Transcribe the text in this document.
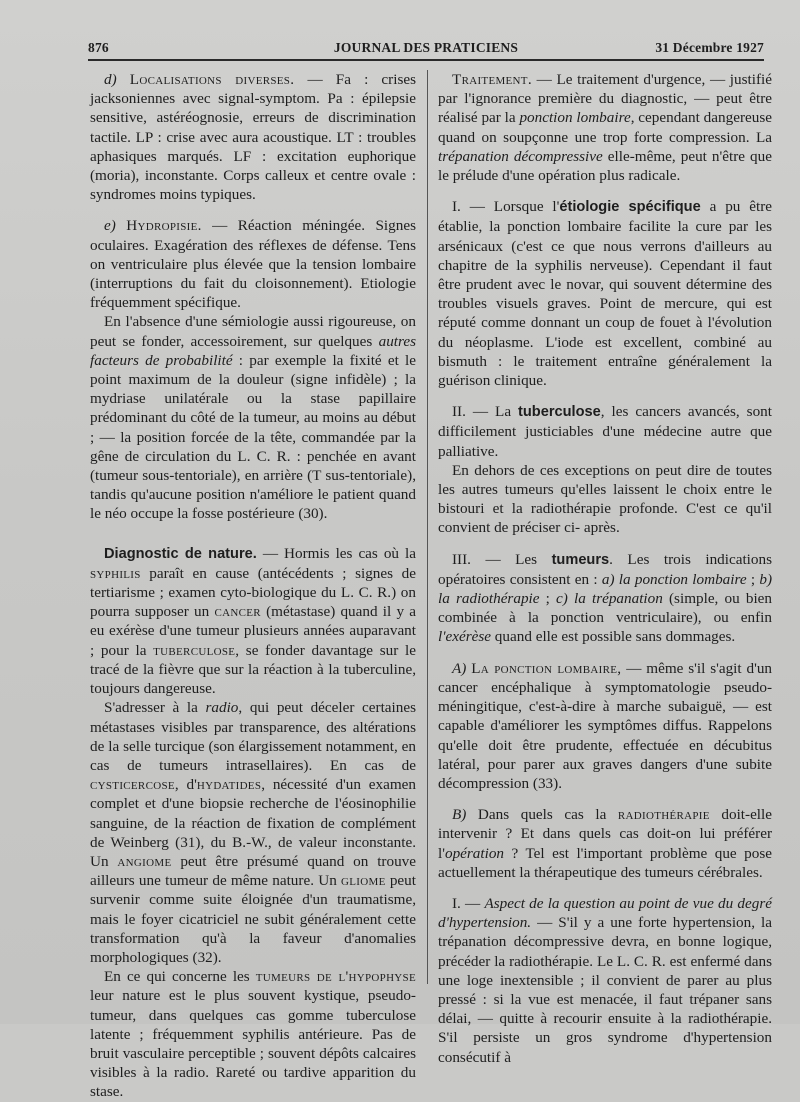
876	JOURNAL DES PRATICIENS	31 Décembre 1927

d) Localisations diverses. — Fa : crises jacksoniennes avec signal-symptom. Pa : épilepsie sensitive, astéréognosie, erreurs de discrimination tactile. LP : crise avec aura acoustique. LT : troubles aphasiques marqués. LF : excitation euphorique (moria), inconstante. Corps calleux et centre ovale : syndromes moins typiques.

e) Hydropisie. — Réaction méningée. Signes oculaires. Exagération des réflexes de défense. Tens on ventriculaire plus élevée que la tension lombaire (interruptions du fait du cloisonnement). Etiologie fréquemment spécifique.

En l'absence d'une sémiologie aussi rigoureuse, on peut se fonder, accessoirement, sur quelques autres facteurs de probabilité : par exemple la fixité et le point maximum de la douleur (signe infidèle) ; la mydriase unilatérale ou la stase papillaire prédominant du côté de la tumeur, au moins au début ; — la position forcée de la tête, commandée par la gêne de circulation du L. C. R. : penchée en avant (tumeur sous-tentoriale), en arrière (T sus-tentoriale), tandis qu'aucune position n'améliore le patient quand le néo occupe la fosse postérieure (30).

Diagnostic de nature. — Hormis les cas où la syphilis paraît en cause (antécédents ; signes de tertiarisme ; examen cyto-biologique du L. C. R.) on pourra supposer un cancer (métastase) quand il y a eu exérèse d'une tumeur plusieurs années auparavant ; pour la tuberculose, se fonder davantage sur le tracé de la fièvre que sur la réaction à la tuberculine, toujours dangereuse.

S'adresser à la radio, qui peut déceler certaines métastases visibles par transparence, des altérations de la selle turcique (son élargissement notamment, en cas de tumeurs intrasellaires). En cas de cysticercose, d'hydatides, nécessité d'un examen complet et d'une biopsie recherche de l'éosinophilie sanguine, de la réaction de fixation de complément de Weinberg (31), du B.-W., de valeur inconstante. Un angiome peut être présumé quand on trouve ailleurs une tumeur de même nature. Un gliome peut survenir comme suite éloignée d'un traumatisme, mais le foyer cicatriciel ne subit généralement cette transformation qu'à la faveur d'anomalies morphologiques (32).

En ce qui concerne les tumeurs de l'hypophyse leur nature est le plus souvent kystique, pseudo-tumeur, dans quelques cas gomme tuberculose latente ; fréquemment syphilis antérieure. Pas de bruit vasculaire perceptible ; souvent dépôts calcaires visibles à la radio. Rareté ou tardive apparition du stase.

Traitement. — Le traitement d'urgence, — justifié par l'ignorance première du diagnostic, — peut être réalisé par la ponction lombaire, cependant dangereuse quand on soupçonne une trop forte compression. La trépanation décompressive elle-même, peut n'être que le prélude d'une opération plus radicale.

I. — Lorsque l'étiologie spécifique a pu être établie, la ponction lombaire facilite la cure par les arsénicaux (c'est ce que nous verrons d'ailleurs au chapitre de la syphilis nerveuse). Cependant il faut être prudent avec le novar, qui souvent détermine des troubles visuels graves. Point de mercure, qui est réputé comme donnant un coup de fouet à l'évolution du néoplasme. L'iode est excellent, combiné au bismuth : le traitement entraîne généralement la guérison clinique.

II. — La tuberculose, les cancers avancés, sont difficilement justiciables d'une médecine autre que palliative.

En dehors de ces exceptions on peut dire de toutes les autres tumeurs qu'elles laissent le choix entre le bistouri et la radiothérapie profonde. C'est ce qu'il convient de préciser ci- après.

III. — Les tumeurs. Les trois indications opératoires consistent en : a) la ponction lombaire ; b) la radiothérapie ; c) la trépanation (simple, ou bien combinée à la ponction ventriculaire), ou enfin l'exérèse quand elle est possible sans dommages.

A) La ponction lombaire, — même s'il s'agit d'un cancer encéphalique à symptomatologie pseudo-méningitique, c'est-à-dire à marche subaiguë, — est capable d'améliorer les symptômes diffus. Rappelons qu'elle doit être prudente, effectuée en décubitus latéral, pour parer aux graves dangers d'une subite décompression (33).

B) Dans quels cas la radiothérapie doit-elle intervenir ? Et dans quels cas doit-on lui préférer l'opération ? Tel est l'important problème que pose actuellement la thérapeutique des tumeurs cérébrales.

I. — Aspect de la question au point de vue du degré d'hypertension. — S'il y a une forte hypertension, la trépanation décompressive devra, en bonne logique, précéder la radiothérapie. Le L. C. R. est enfermé dans une loge inextensible ; il convient de parer au plus pressé : si la vue est menacée, il faut trépaner sans délai, — quitte à recourir ensuite à la radiothérapie. S'il persiste un gros syndrome d'hypertension consécutif à
